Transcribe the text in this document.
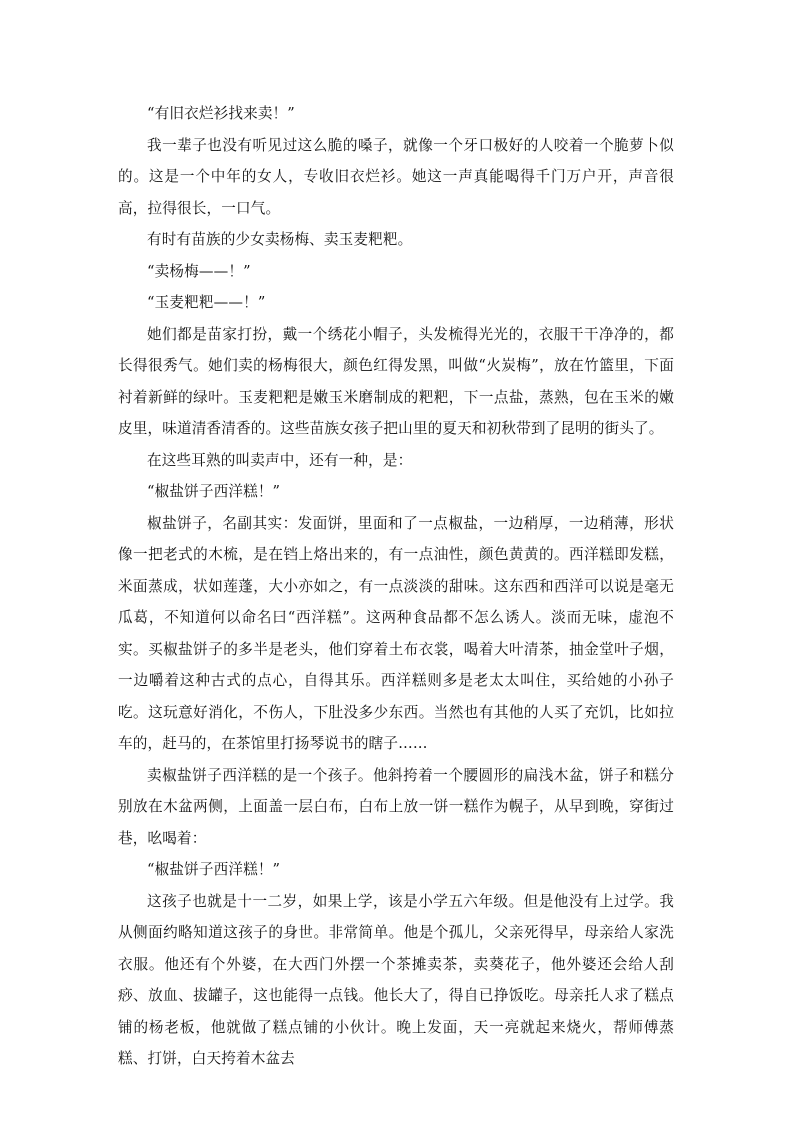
“有旧衣烂衫找来卖！”

我一辈子也没有听见过这么脆的嗓子，就像一个牙口极好的人咬着一个脆萝卜似的。这是一个中年的女人，专收旧衣烂衫。她这一声真能喝得千门万户开，声音很高，拉得很长，一口气。

有时有苗族的少女卖杨梅、卖玉麦粑粑。

“卖杨梅——！”

“玉麦粑粑——！”

她们都是苗家打扮，戴一个绣花小帽子，头发梳得光光的，衣服干干净净的，都长得很秀气。她们卖的杨梅很大，颜色红得发黑，叫做“火炭梅”，放在竹篮里，下面衬着新鲜的绿叶。玉麦粑粑是嫩玉米磨制成的粑粑，下一点盐，蒸熟，包在玉米的嫩皮里，味道清香清香的。这些苗族女孩子把山里的夏天和初秋带到了昆明的街头了。

在这些耳熟的叫卖声中，还有一种，是：

“椒盐饼子西洋糕！”

椒盐饼子，名副其实：发面饼，里面和了一点椒盐，一边稍厚，一边稍薄，形状像一把老式的木梳，是在铛上烙出来的，有一点油性，颜色黄黄的。西洋糕即发糕，米面蒸成，状如莲蓬，大小亦如之，有一点淡淡的甜味。这东西和西洋可以说是毫无瓜葛，不知道何以命名曰“西洋糕”。这两种食品都不怎么诱人。淡而无味，虚泡不实。买椒盐饼子的多半是老头，他们穿着土布衣裳，喝着大叶清茶，抽金堂叶子烟，一边嚼着这种古式的点心，自得其乐。西洋糕则多是老太太叫住，买给她的小孙子吃。这玩意好消化，不伤人，下肚没多少东西。当然也有其他的人买了充饥，比如拉车的，赶马的，在茶馆里打扬琴说书的瞎子……

卖椒盐饼子西洋糕的是一个孩子。他斜挎着一个腰圆形的扁浅木盆，饼子和糕分别放在木盆两侧，上面盖一层白布，白布上放一饼一糕作为幌子，从早到晚，穿街过巷，吆喝着：

“椒盐饼子西洋糕！”

这孩子也就是十一二岁，如果上学，该是小学五六年级。但是他没有上过学。我从侧面约略知道这孩子的身世。非常简单。他是个孤儿，父亲死得早，母亲给人家洗衣服。他还有个外婆，在大西门外摆一个茶摊卖茶，卖葵花子，他外婆还会给人刮痧、放血、拔罐子，这也能得一点钱。他长大了，得自已挣饭吃。母亲托人求了糕点铺的杨老板，他就做了糕点铺的小伙计。晚上发面，天一亮就起来烧火，帮师傅蒸糕、打饼，白天挎着木盆去
